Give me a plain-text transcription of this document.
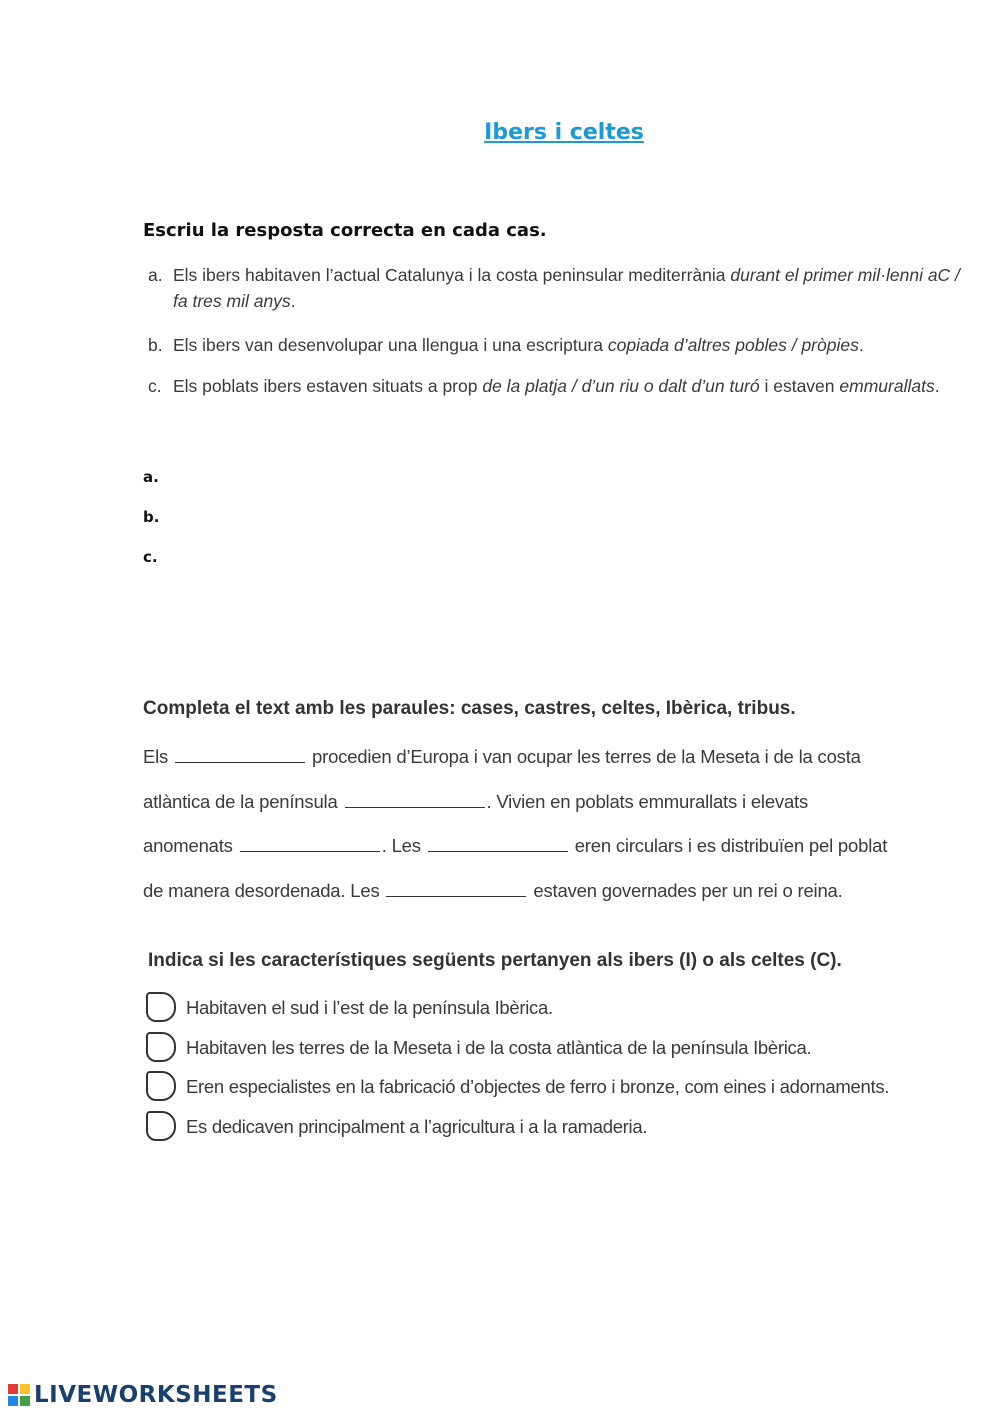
Ibers i celtes
Escriu la resposta correcta en cada cas.
a. Els ibers habitaven l’actual Catalunya i la costa peninsular mediterrània durant el primer mil·lenni aC / fa tres mil anys.
b. Els ibers van desenvolupar una llengua i una escriptura copiada d’altres pobles / pròpies.
c. Els poblats ibers estaven situats a prop de la platja / d’un riu o dalt d’un turó i estaven emmurallats.
a.
b.
c.
Completa el text amb les paraules: cases, castres, celtes, Ibèrica, tribus.
Els	procedien d’Europa i van ocupar les terres de la Meseta i de la costa
atlàntica de la península	. Vivien en poblats emmurallats i elevats
anomenats	. Les	eren circulars i es distribuïen pel poblat
de manera desordenada. Les	estaven governades per un rei o reina.
Indica si les característiques següents pertanyen als ibers (I) o als celtes (C).
Habitaven el sud i l’est de la península Ibèrica.
Habitaven les terres de la Meseta i de la costa atlàntica de la península Ibèrica.
Eren especialistes en la fabricació d’objectes de ferro i bronze, com eines i adornaments.
Es dedicaven principalment a l’agricultura i a la ramaderia.
LIVEWORKSHEETS
